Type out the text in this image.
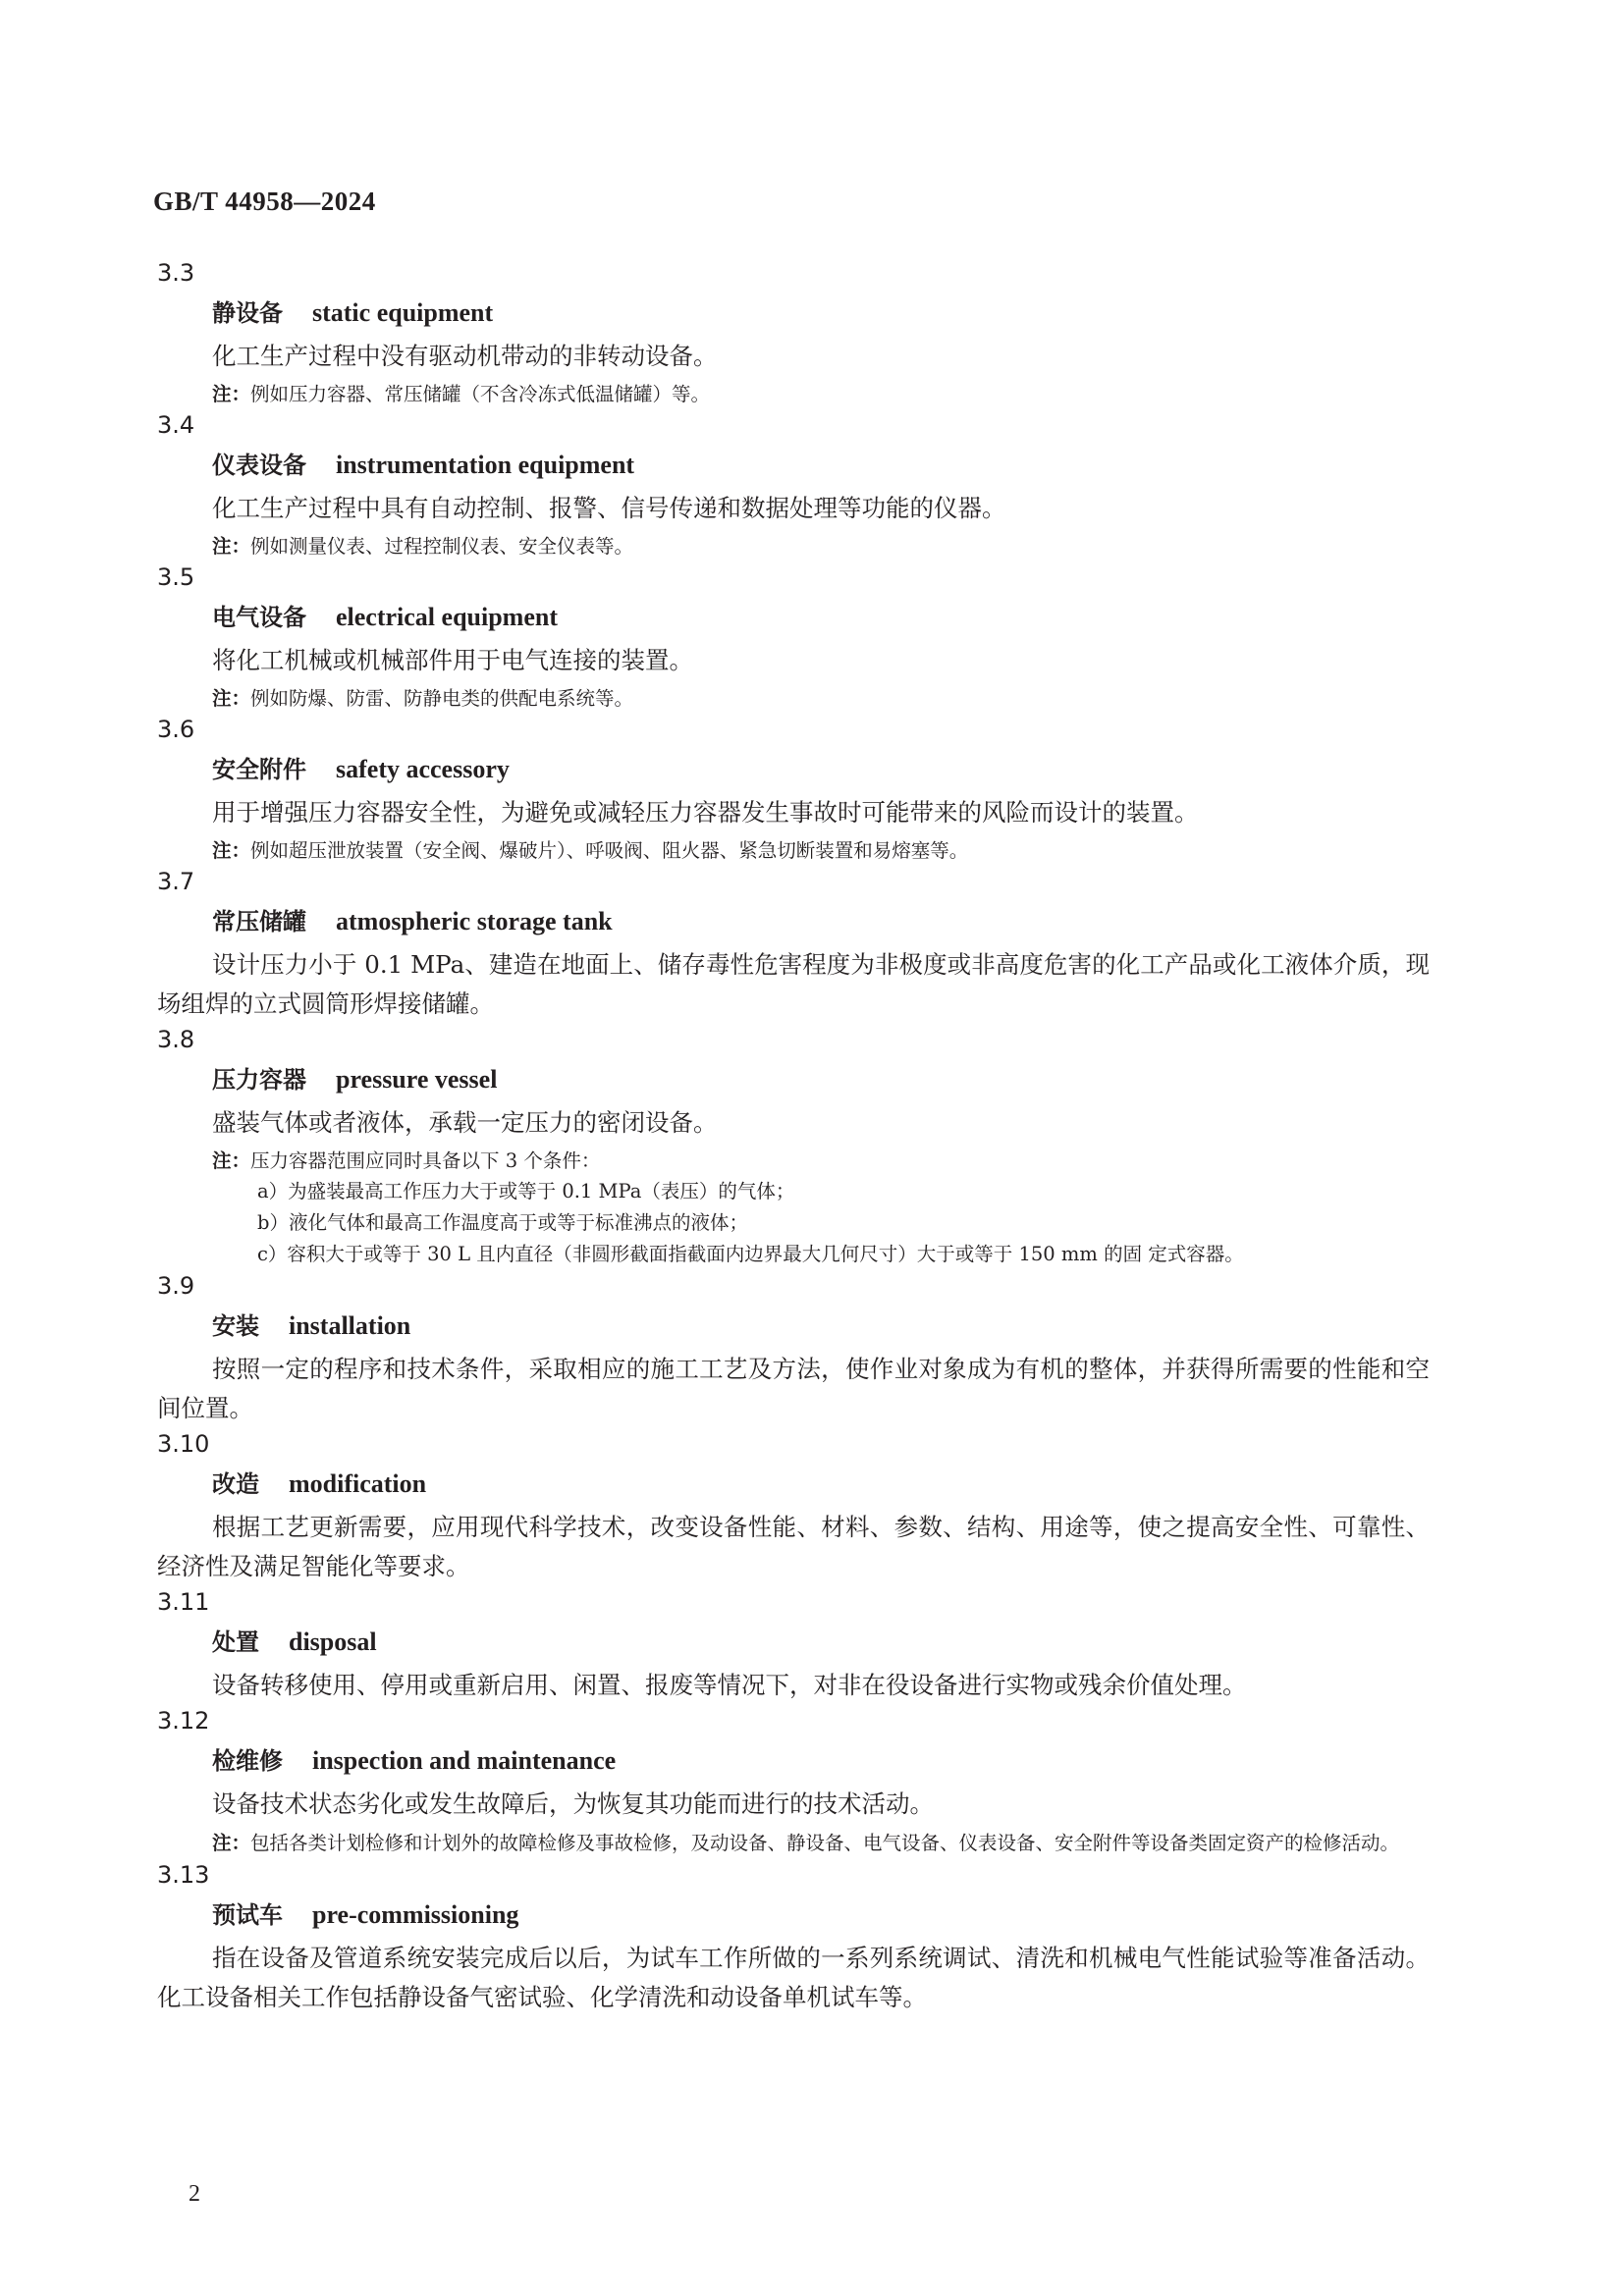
GB/T 44958—2024
3.3
静设备 static equipment
化工生产过程中没有驱动机带动的非转动设备。
注：例如压力容器、常压储罐（不含冷冻式低温储罐）等。
3.4
仪表设备 instrumentation equipment
化工生产过程中具有自动控制、报警、信号传递和数据处理等功能的仪器。
注：例如测量仪表、过程控制仪表、安全仪表等。
3.5
电气设备 electrical equipment
将化工机械或机械部件用于电气连接的装置。
注：例如防爆、防雷、防静电类的供配电系统等。
3.6
安全附件 safety accessory
用于增强压力容器安全性，为避免或减轻压力容器发生事故时可能带来的风险而设计的装置。
注：例如超压泄放装置（安全阀、爆破片）、呼吸阀、阻火器、紧急切断装置和易熔塞等。
3.7
常压储罐 atmospheric storage tank
设计压力小于 0.1 MPa、建造在地面上、储存毒性危害程度为非极度或非高度危害的化工产品或化工液体介质，现场组焊的立式圆筒形焊接储罐。
3.8
压力容器 pressure vessel
盛装气体或者液体，承载一定压力的密闭设备。
注：压力容器范围应同时具备以下 3 个条件：
a）为盛装最高工作压力大于或等于 0.1 MPa（表压）的气体；
b）液化气体和最高工作温度高于或等于标准沸点的液体；
c）容积大于或等于 30 L 且内直径（非圆形截面指截面内边界最大几何尺寸）大于或等于 150 mm 的固 定式容器。
3.9
安装 installation
按照一定的程序和技术条件，采取相应的施工工艺及方法，使作业对象成为有机的整体，并获得所需要的性能和空间位置。
3.10
改造 modification
根据工艺更新需要，应用现代科学技术，改变设备性能、材料、参数、结构、用途等，使之提高安全性、可靠性、经济性及满足智能化等要求。
3.11
处置 disposal
设备转移使用、停用或重新启用、闲置、报废等情况下，对非在役设备进行实物或残余价值处理。
3.12
检维修 inspection and maintenance
设备技术状态劣化或发生故障后，为恢复其功能而进行的技术活动。
注：包括各类计划检修和计划外的故障检修及事故检修，及动设备、静设备、电气设备、仪表设备、安全附件等设备类固定资产的检修活动。
3.13
预试车 pre-commissioning
指在设备及管道系统安装完成后以后，为试车工作所做的一系列系统调试、清洗和机械电气性能试验等准备活动。化工设备相关工作包括静设备气密试验、化学清洗和动设备单机试车等。
2
